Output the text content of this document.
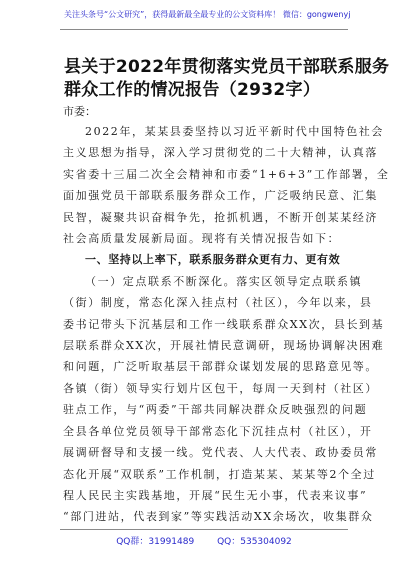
关注头条号“公文研究”，获得最新最全最专业的公文资料库！ 微信：gongwenyj
县关于2022年贯彻落实党员干部联系服务
群众工作的情况报告（2932字）

市委：

2022年，某某县委坚持以习近平新时代中国特色社会
主义思想为指导，深入学习贯彻党的二十大精神，认真落
实省委十三届二次全会精神和市委“1+6+3”工作部署，全
面加强党员干部联系服务群众工作，广泛吸纳民意、汇集
民智，凝聚共识奋楫争先，抢抓机遇，不断开创某某经济
社会高质量发展新局面。现将有关情况报告如下：
一、坚持以上率下，联系服务群众更有力、更有效
（一）定点联系不断深化。落实区领导定点联系镇
（街）制度，常态化深入挂点村（社区），今年以来，县
委书记带头下沉基层和工作一线联系群众XX次，县长到基
层联系群众XX次，开展社情民意调研，现场协调解决困难
和问题，广泛听取基层干部群众谋划发展的思路意见等。
各镇（街）领导实行划片区包干，每周一天到村（社区）
驻点工作，与“两委”干部共同解决群众反映强烈的问题
全县各单位党员领导干部常态化下沉挂点村（社区），开
展调研督导和支援一线。党代表、人大代表、政协委员常
态化开展“双联系”工作机制，打造某某、某某等2个全过
程人民民主实践基地，开展“民生无小事，代表来议事”
“部门进站，代表到家”等实践活动XX余场次，收集群众
QQ群：31991489	QQ：535304092
